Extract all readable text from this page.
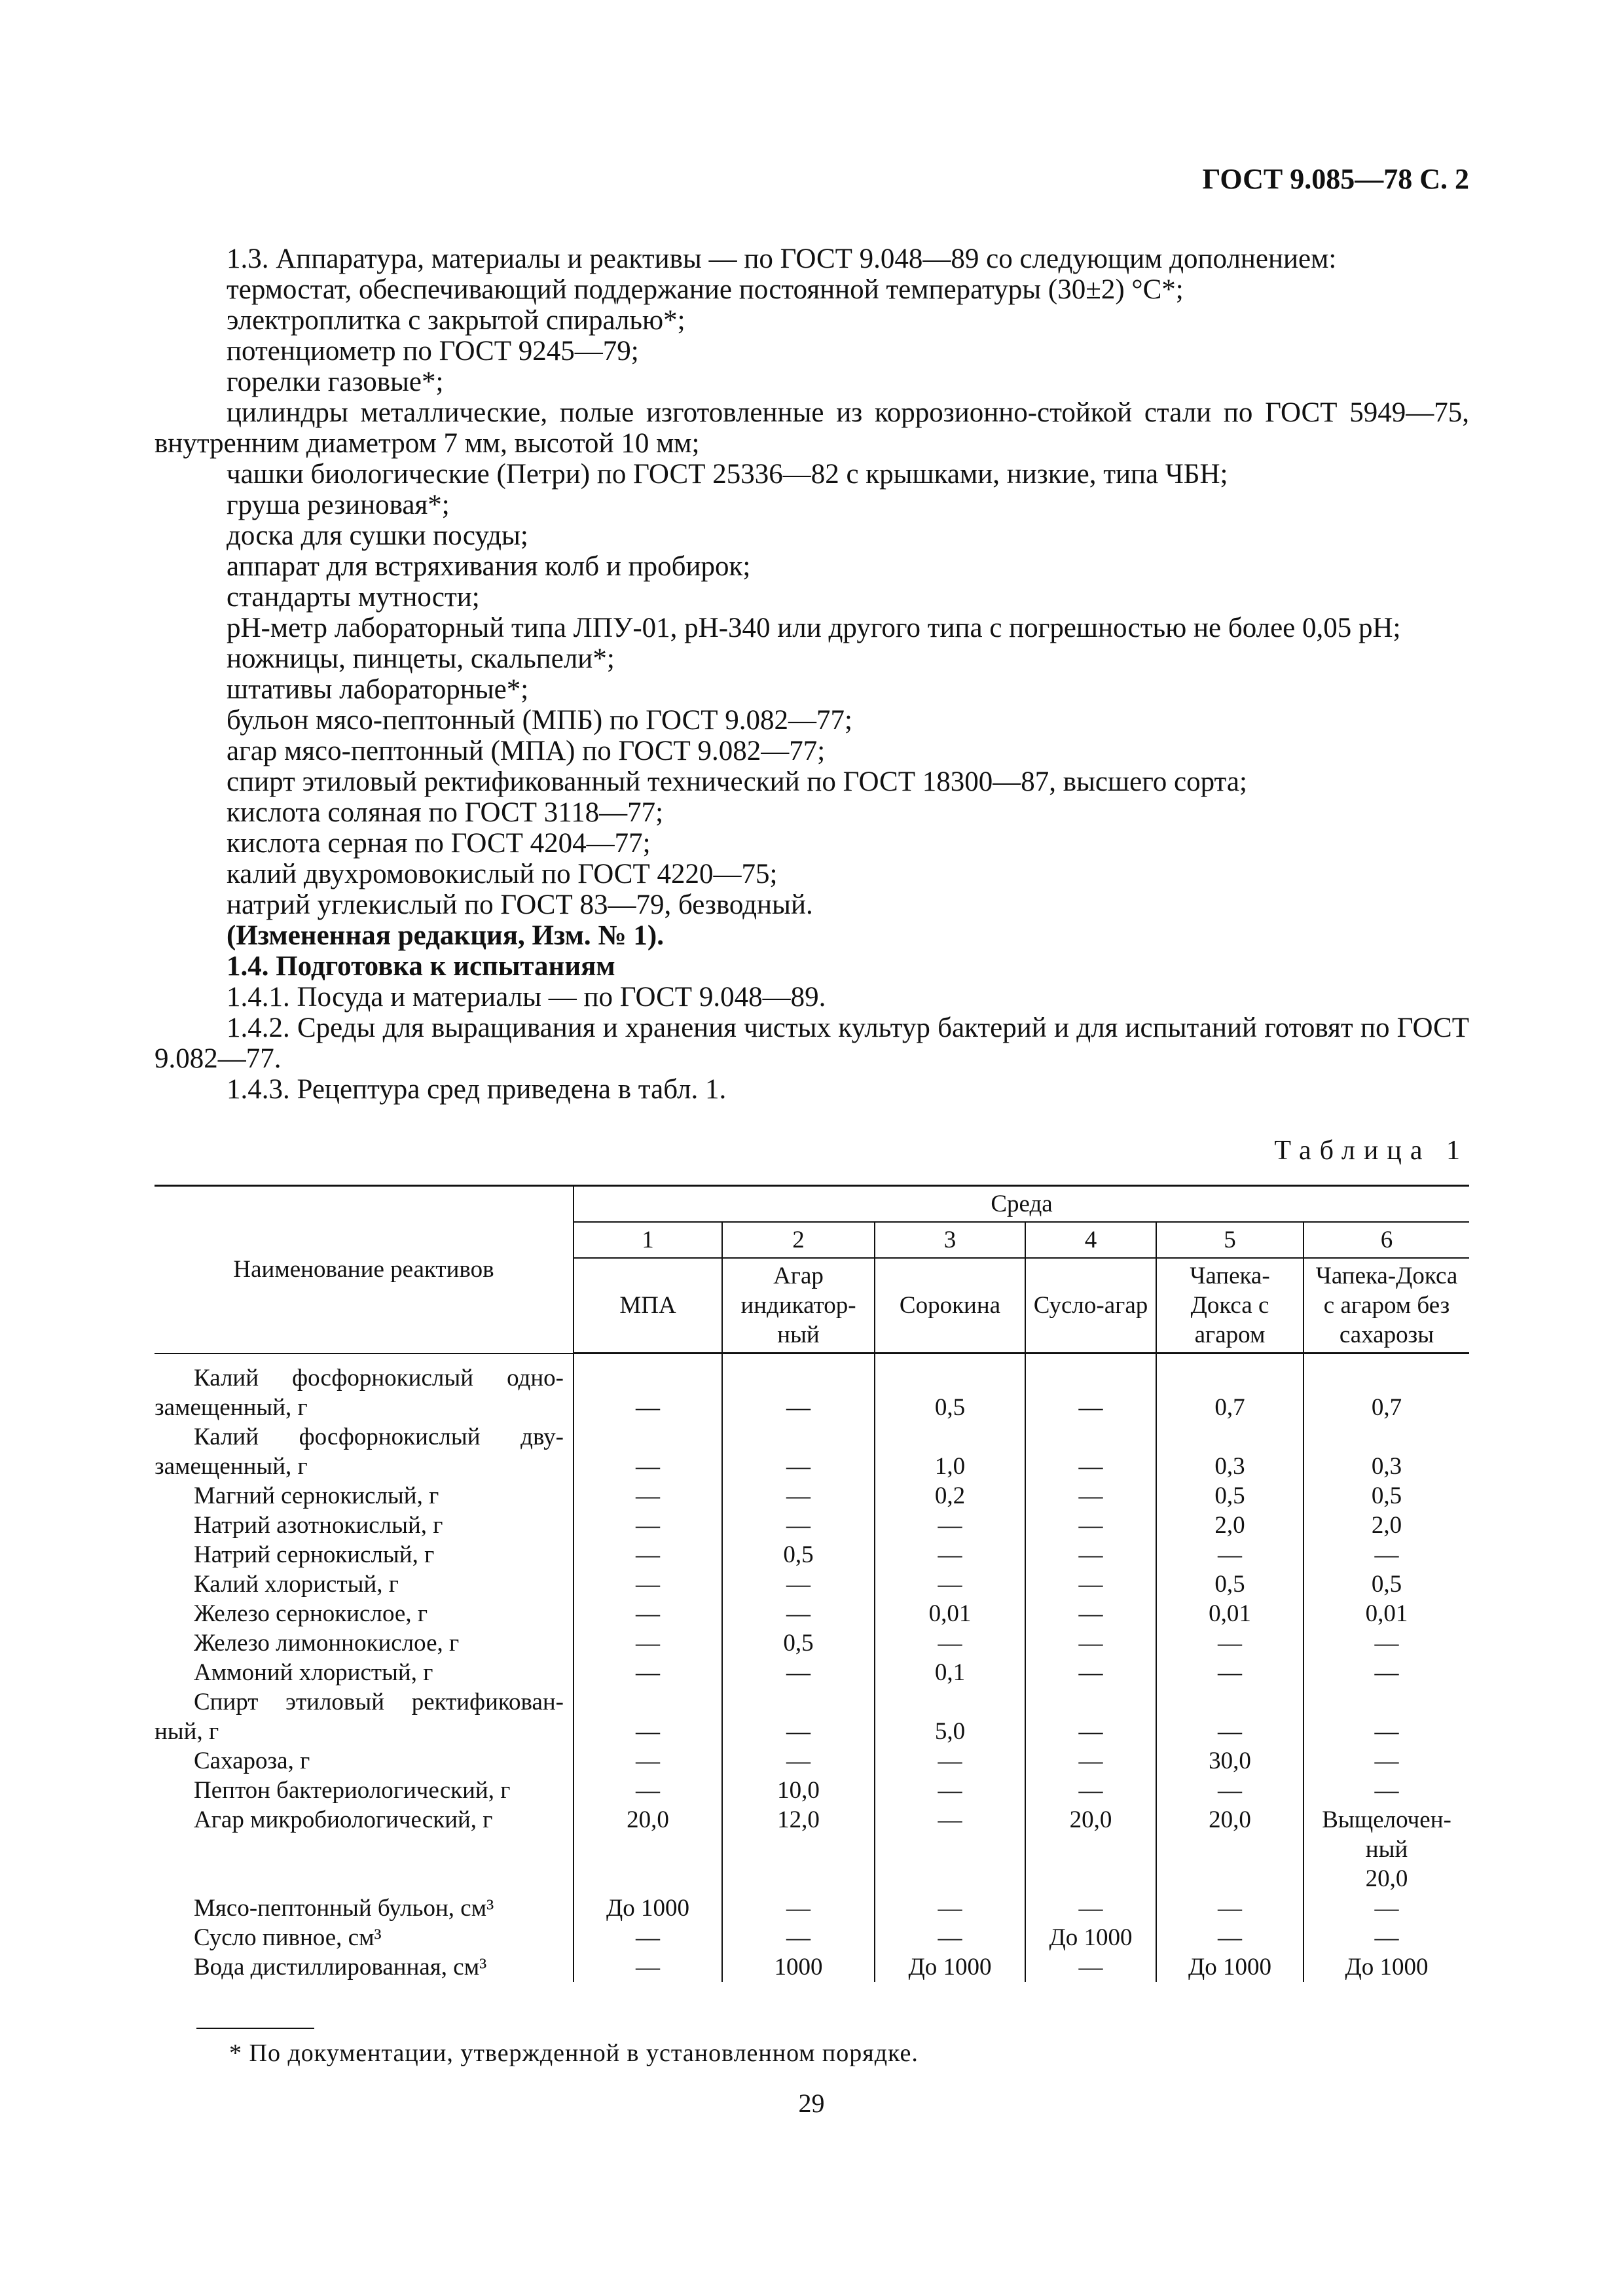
ГОСТ 9.085—78 С. 2

1.3. Аппаратура, материалы и реактивы — по ГОСТ 9.048—89 со следующим дополнением:

термостат, обеспечивающий поддержание постоянной температуры (30±2) °С*;

электроплитка с закрытой спиралью*;

потенциометр по ГОСТ 9245—79;

горелки газовые*;

цилиндры металлические, полые изготовленные из коррозионно-стойкой стали по ГОСТ 5949—75, внутренним диаметром 7 мм, высотой 10 мм;

чашки биологические (Петри) по ГОСТ 25336—82 с крышками, низкие, типа ЧБН;

груша резиновая*;

доска для сушки посуды;

аппарат для встряхивания колб и пробирок;

стандарты мутности;

рН-метр лабораторный типа ЛПУ-01, рН-340 или другого типа с погрешностью не более 0,05 рН;

ножницы, пинцеты, скальпели*;

штативы лабораторные*;

бульон мясо-пептонный (МПБ) по ГОСТ 9.082—77;

агар мясо-пептонный (МПА) по ГОСТ 9.082—77;

спирт этиловый ректификованный технический по ГОСТ 18300—87, высшего сорта;

кислота соляная по ГОСТ 3118—77;

кислота серная по ГОСТ 4204—77;

калий двухромовокислый по ГОСТ 4220—75;

натрий углекислый по ГОСТ 83—79, безводный.

(Измененная редакция, Изм. № 1).

1.4. Подготовка к испытаниям

1.4.1. Посуда и материалы — по ГОСТ 9.048—89.

1.4.2. Среды для выращивания и хранения чистых культур бактерий и для испытаний готовят по ГОСТ 9.082—77.

1.4.3. Рецептура сред приведена в табл. 1.

Таблица 1
Наименование реактивов	Среда					
	1	2	3	4	5	6
	МПА	Агар индикатор-ный	Сорокина	Сусло-агар	Чапека-Докса с агаром	Чапека-Докса с агаром без сахарозы

Калий фосфорнокислый одно-замещенный, г	—	—	0,5	—	0,7	0,7

Калий фосфорнокислый дву-замещенный, г	—	—	1,0	—	0,3	0,3

Магний сернокислый, г	—	—	0,2	—	0,5	0,5

Натрий азотнокислый, г	—	—	—	—	2,0	2,0

Натрий сернокислый, г	—	0,5	—	—	—	—

Калий хлористый, г	—	—	—	—	0,5	0,5

Железо сернокислое, г	—	—	0,01	—	0,01	0,01

Железо лимоннокислое, г	—	0,5	—	—	—	—

Аммоний хлористый, г	—	—	0,1	—	—	—

Спирт этиловый ректификован-ный, г	—	—	5,0	—	—	—

Сахароза, г	—	—	—	—	30,0	—

Пептон бактериологический, г	—	10,0	—	—	—	—

Агар микробиологический, г	20,0	12,0	—	20,0	20,0	Выщелочен-ный
20,0

Мясо-пептонный бульон, см³	До 1000	—	—	—	—	—

Сусло пивное, см³	—	—	—	До 1000	—	—

Вода дистиллированная, см³	—	1000	До 1000	—	До 1000	До 1000
* По документации, утвержденной в установленном порядке.
29
